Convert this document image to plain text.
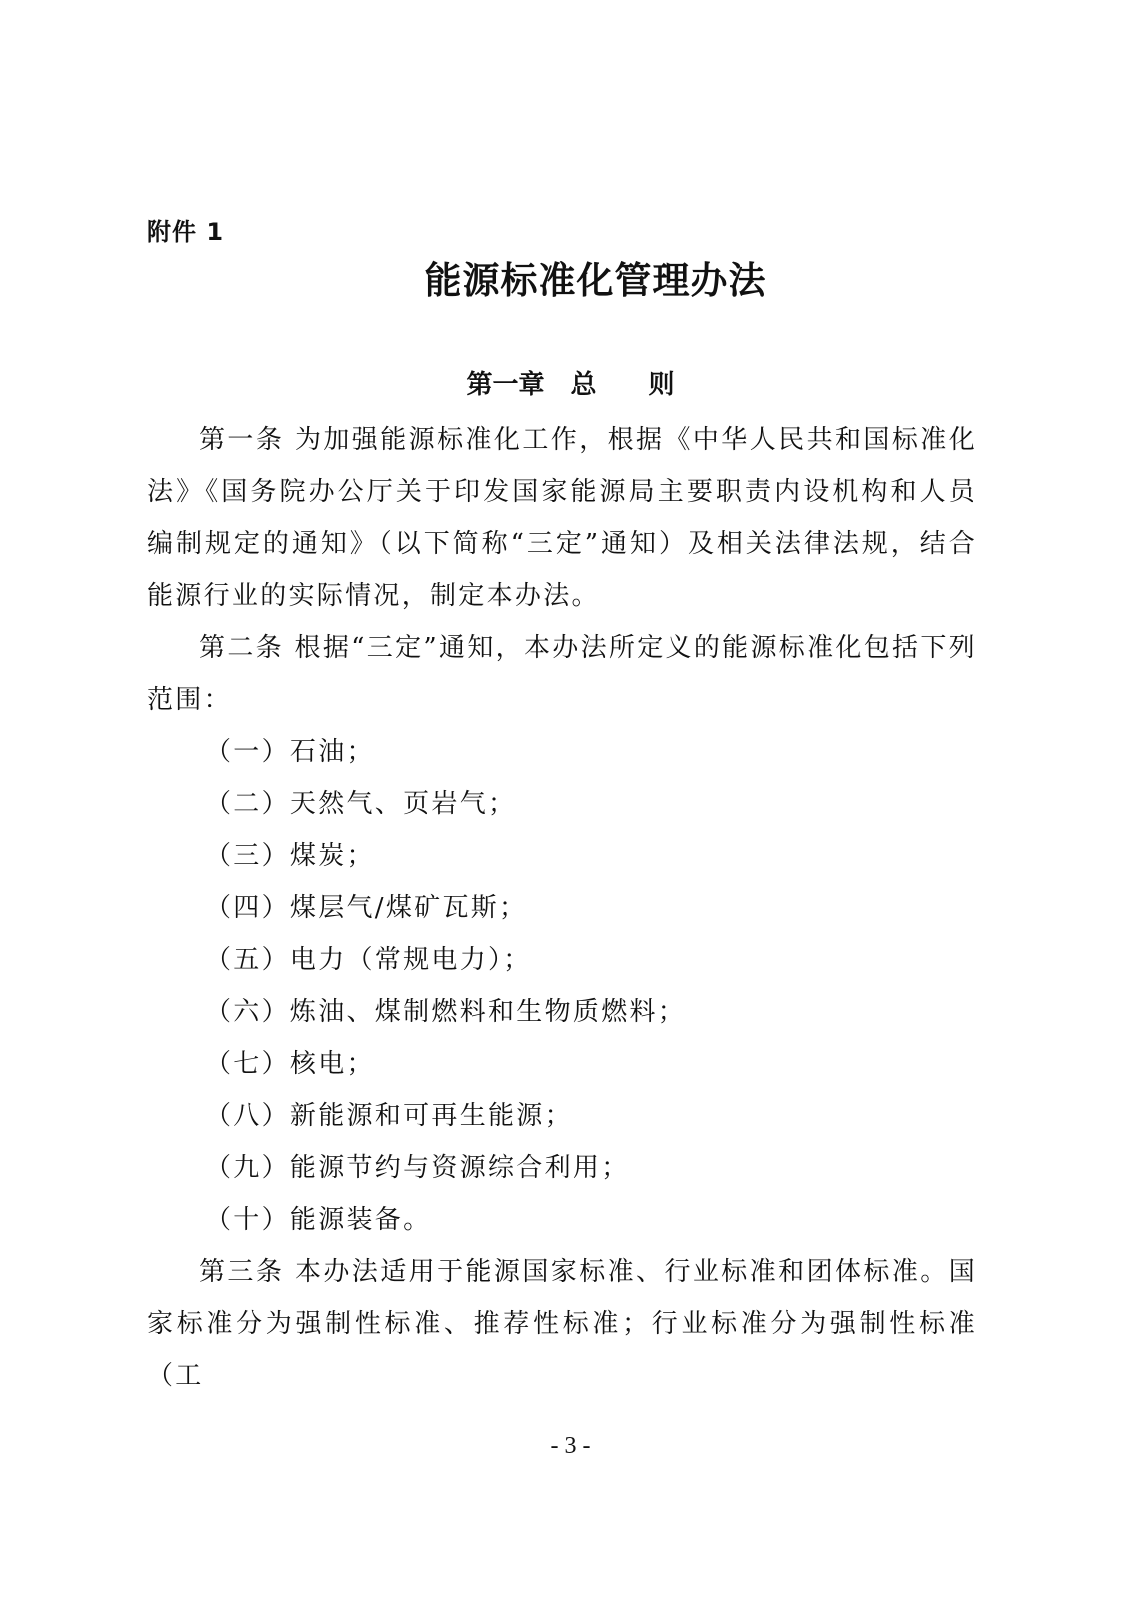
附件 1
能源标准化管理办法
第一章 总 则

第一条 为加强能源标准化工作，根据《中华人民共和国标准化法》《国务院办公厅关于印发国家能源局主要职责内设机构和人员编制规定的通知》（以下简称“三定”通知）及相关法律法规，结合能源行业的实际情况，制定本办法。

第二条 根据“三定”通知，本办法所定义的能源标准化包括下列范围：

（一）石油；

（二）天然气、页岩气；

（三）煤炭；

（四）煤层气/煤矿瓦斯；

（五）电力（常规电力）；

（六）炼油、煤制燃料和生物质燃料；

（七）核电；

（八）新能源和可再生能源；

（九）能源节约与资源综合利用；

（十）能源装备。

第三条 本办法适用于能源国家标准、行业标准和团体标准。国家标准分为强制性标准、推荐性标准；行业标准分为强制性标准（工

- 3 -
